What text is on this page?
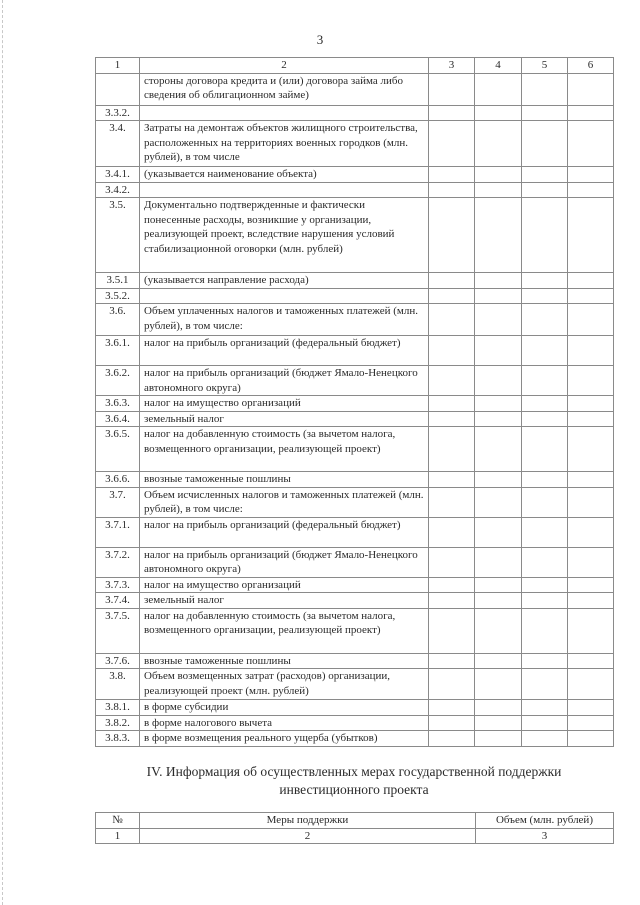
3
1	2	3	4	5	6
	стороны договора кредита и (или) договора займа либо сведения об облигационном займе)				
3.3.2.					
3.4.	Затраты на демонтаж объектов жилищного строительства, расположенных на территориях военных городков (млн. рублей), в том числе				
3.4.1.	(указывается наименование объекта)				
3.4.2.					
3.5.	Документально подтвержденные и фактически понесенные расходы, возникшие у организации, реализующей проект, вследствие нарушения условий стабилизационной оговорки (млн. рублей)				
3.5.1	(указывается направление расхода)				
3.5.2.					
3.6.	Объем уплаченных налогов и таможенных платежей (млн. рублей), в том числе:				
3.6.1.	налог на прибыль организаций (федеральный бюджет)				
3.6.2.	налог на прибыль организаций (бюджет Ямало-Ненецкого автономного округа)				
3.6.3.	налог на имущество организаций				
3.6.4.	земельный налог				
3.6.5.	налог на добавленную стоимость (за вычетом налога, возмещенного организации, реализующей проект)				
3.6.6.	ввозные таможенные пошлины				
3.7.	Объем исчисленных налогов и таможенных платежей (млн. рублей), в том числе:				
3.7.1.	налог на прибыль организаций (федеральный бюджет)				
3.7.2.	налог на прибыль организаций (бюджет Ямало-Ненецкого автономного округа)				
3.7.3.	налог на имущество организаций				
3.7.4.	земельный налог				
3.7.5.	налог на добавленную стоимость (за вычетом налога, возмещенного организации, реализующей проект)				
3.7.6.	ввозные таможенные пошлины				
3.8.	Объем возмещенных затрат (расходов) организации, реализующей проект (млн. рублей)				
3.8.1.	в форме субсидии				
3.8.2.	в форме налогового вычета				
3.8.3.	в форме возмещения реального ущерба (убытков)				
IV. Информация об осуществленных мерах государственной поддержки
инвестиционного проекта
№	Меры поддержки	Объем (млн. рублей)
1	2	3
